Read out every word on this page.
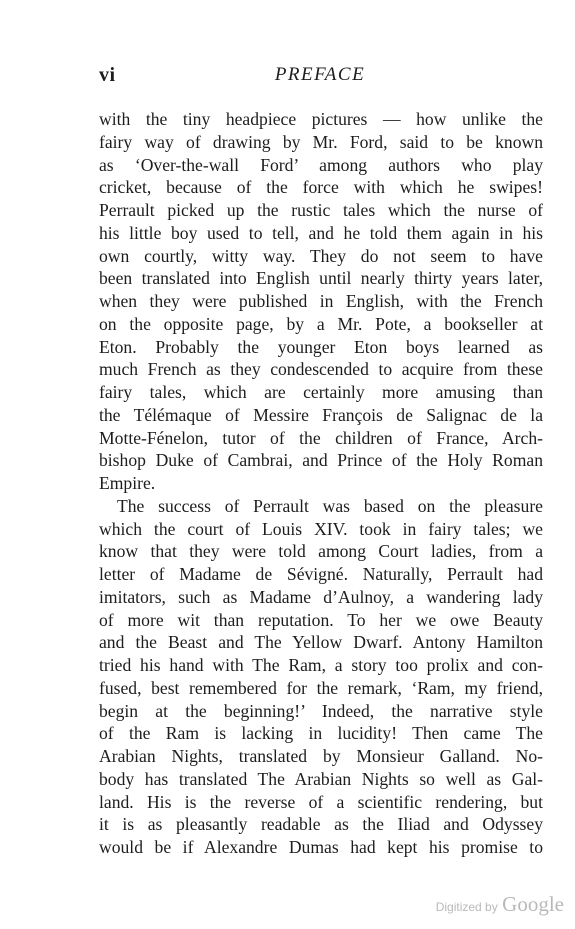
vi	PREFACE
with the tiny headpiece pictures — how unlike the
fairy way of drawing by Mr. Ford, said to be known
as ‘Over-the-wall Ford’ among authors who play
cricket, because of the force with which he swipes!
Perrault picked up the rustic tales which the nurse of
his little boy used to tell, and he told them again in his
own courtly, witty way. They do not seem to have
been translated into English until nearly thirty years later,
when they were published in English, with the French
on the opposite page, by a Mr. Pote, a bookseller at
Eton. Probably the younger Eton boys learned as
much French as they condescended to acquire from these
fairy tales, which are certainly more amusing than
the Télémaque of Messire François de Salignac de la
Motte-Fénelon, tutor of the children of France, Arch-
bishop Duke of Cambrai, and Prince of the Holy Roman
Empire.
The success of Perrault was based on the pleasure
which the court of Louis XIV. took in fairy tales; we
know that they were told among Court ladies, from a
letter of Madame de Sévigné. Naturally, Perrault had
imitators, such as Madame d’Aulnoy, a wandering lady
of more wit than reputation. To her we owe Beauty
and the Beast and The Yellow Dwarf. Antony Hamilton
tried his hand with The Ram, a story too prolix and con-
fused, best remembered for the remark, ‘Ram, my friend,
begin at the beginning!’ Indeed, the narrative style
of the Ram is lacking in lucidity! Then came The
Arabian Nights, translated by Monsieur Galland. No-
body has translated The Arabian Nights so well as Gal-
land. His is the reverse of a scientific rendering, but
it is as pleasantly readable as the Iliad and Odyssey
would be if Alexandre Dumas had kept his promise to
Digitized by Google
